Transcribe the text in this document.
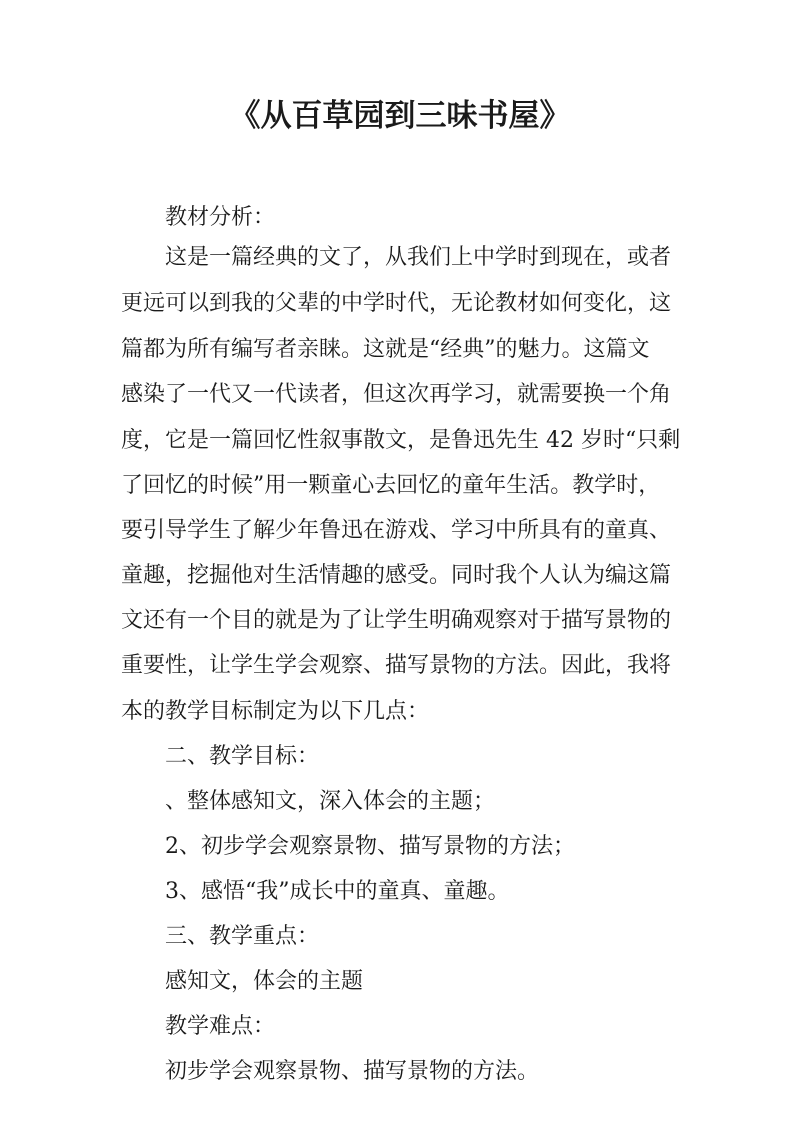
《从百草园到三味书屋》
教材分析：
这是一篇经典的文了，从我们上中学时到现在，或者
更远可以到我的父辈的中学时代，无论教材如何变化，这
篇都为所有编写者亲睐。这就是“经典”的魅力。这篇文
感染了一代又一代读者，但这次再学习，就需要换一个角
度，它是一篇回忆性叙事散文，是鲁迅先生 42 岁时“只剩
了回忆的时候”用一颗童心去回忆的童年生活。教学时，
要引导学生了解少年鲁迅在游戏、学习中所具有的童真、
童趣，挖掘他对生活情趣的感受。同时我个人认为编这篇
文还有一个目的就是为了让学生明确观察对于描写景物的
重要性，让学生学会观察、描写景物的方法。因此，我将
本的教学目标制定为以下几点：
二、教学目标：
、整体感知文，深入体会的主题；
2、初步学会观察景物、描写景物的方法；
3、感悟“我”成长中的童真、童趣。
三、教学重点：
感知文，体会的主题
教学难点：
初步学会观察景物、描写景物的方法。
